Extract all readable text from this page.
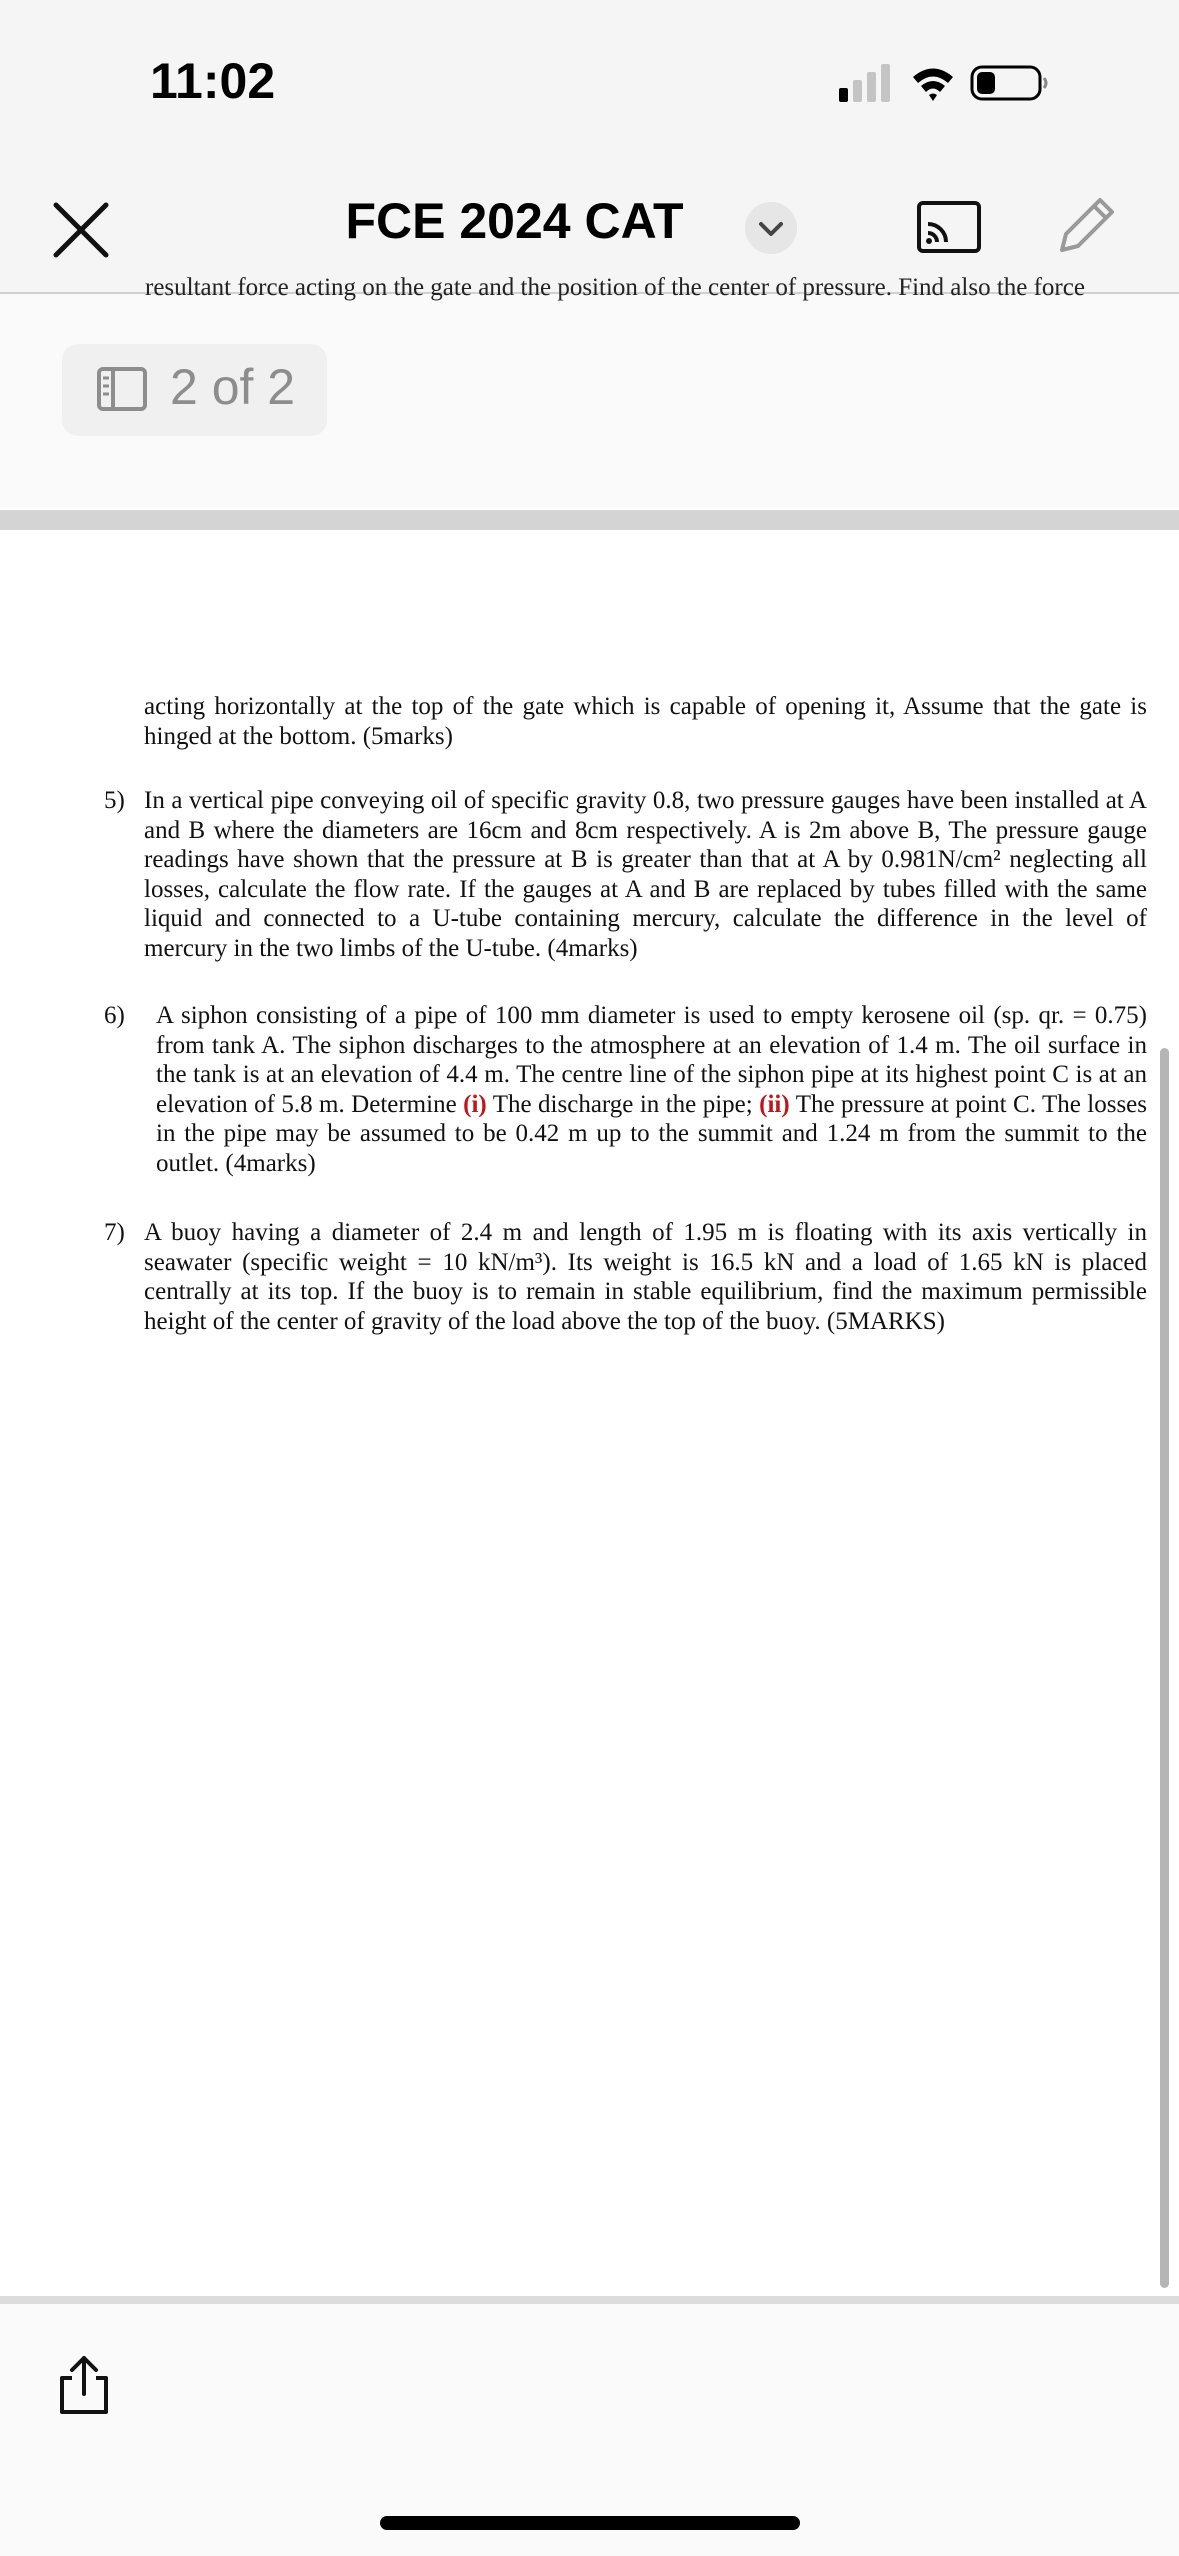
11:02
FCE 2024 CAT
resultant force acting on the gate and the position of the center of pressure. Find also the force
2 of 2
acting horizontally at the top of the gate which is capable of opening it, Assume that the gate is hinged at the bottom. (5marks)
5) In a vertical pipe conveying oil of specific gravity 0.8, two pressure gauges have been installed at A and B where the diameters are 16cm and 8cm respectively. A is 2m above B, The pressure gauge readings have shown that the pressure at B is greater than that at A by 0.981N/cm² neglecting all losses, calculate the flow rate. If the gauges at A and B are replaced by tubes filled with the same liquid and connected to a U-tube containing mercury, calculate the difference in the level of mercury in the two limbs of the U-tube. (4marks)
6) A siphon consisting of a pipe of 100 mm diameter is used to empty kerosene oil (sp. qr. = 0.75) from tank A. The siphon discharges to the atmosphere at an elevation of 1.4 m. The oil surface in the tank is at an elevation of 4.4 m. The centre line of the siphon pipe at its highest point C is at an elevation of 5.8 m. Determine (i) The discharge in the pipe; (ii) The pressure at point C. The losses in the pipe may be assumed to be 0.42 m up to the summit and 1.24 m from the summit to the outlet. (4marks)
7) A buoy having a diameter of 2.4 m and length of 1.95 m is floating with its axis vertically in seawater (specific weight = 10 kN/m³). Its weight is 16.5 kN and a load of 1.65 kN is placed centrally at its top. If the buoy is to remain in stable equilibrium, find the maximum permissible height of the center of gravity of the load above the top of the buoy. (5MARKS)
